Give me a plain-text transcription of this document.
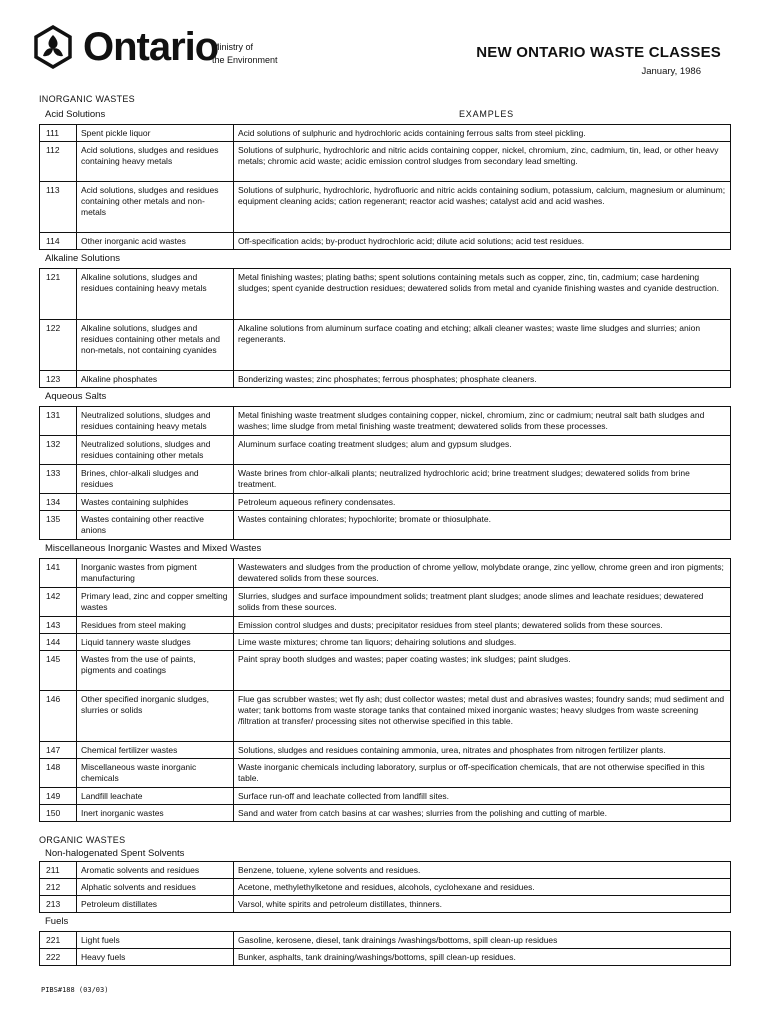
Ontario
Ministry of
the Environment	NEW ONTARIO WASTE CLASSES
January, 1986
INORGANIC WASTES
Acid Solutions	EXAMPLES
111	Spent pickle liquor	Acid solutions of sulphuric and hydrochloric acids containing ferrous salts from steel pickling.
112	Acid solutions, sludges and residues containing heavy metals	Solutions of sulphuric, hydrochloric and nitric acids containing copper, nickel, chromium, zinc, cadmium, tin, lead, or other heavy metals; chromic acid waste; acidic emission control sludges from secondary lead smelting.
113	Acid solutions, sludges and residues containing other metals and non-metals	Solutions of sulphuric, hydrochloric, hydrofluoric and nitric acids containing sodium, potassium, calcium, magnesium or aluminum; equipment cleaning acids; cation regenerant; reactor acid washes; catalyst acid and acid washes.
114	Other inorganic acid wastes	Off-specification acids; by-product hydrochloric acid; dilute acid solutions; acid test residues.
Alkaline Solutions
121	Alkaline solutions, sludges and residues containing heavy metals	Metal finishing wastes; plating baths; spent solutions containing metals such as copper, zinc, tin, cadmium; case hardening sludges; spent cyanide destruction residues; dewatered solids from metal and cyanide finishing wastes and cyanide destruction.
122	Alkaline solutions, sludges and residues containing other metals and non-metals, not containing cyanides	Alkaline solutions from aluminum surface coating and etching; alkali cleaner wastes; waste lime sludges and slurries; anion regenerants.
123	Alkaline phosphates	Bonderizing wastes; zinc phosphates; ferrous phosphates; phosphate cleaners.
Aqueous Salts
131	Neutralized solutions, sludges and residues containing heavy metals	Metal finishing waste treatment sludges containing copper, nickel, chromium, zinc or cadmium; neutral salt bath sludges and washes; lime sludge from metal finishing waste treatment; dewatered solids from these processes.
132	Neutralized solutions, sludges and residues containing other metals	Aluminum surface coating treatment sludges; alum and gypsum sludges.
133	Brines, chlor-alkali sludges and residues	Waste brines from chlor-alkali plants; neutralized hydrochloric acid; brine treatment sludges; dewatered solids from brine treatment.
134	Wastes containing sulphides	Petroleum aqueous refinery condensates.
135	Wastes containing other reactive anions	Wastes containing chlorates; hypochlorite; bromate or thiosulphate.
Miscellaneous Inorganic Wastes and Mixed Wastes
141	Inorganic wastes from pigment manufacturing	Wastewaters and sludges from the production of chrome yellow, molybdate orange, zinc yellow, chrome green and iron pigments; dewatered solids from these sources.
142	Primary lead, zinc and copper smelting wastes	Slurries, sludges and surface impoundment solids; treatment plant sludges; anode slimes and leachate residues; dewatered solids from these sources.
143	Residues from steel making	Emission control sludges and dusts; precipitator residues from steel plants; dewatered solids from these sources.
144	Liquid tannery waste sludges	Lime waste mixtures; chrome tan liquors; dehairing solutions and sludges.
145	Wastes from the use of paints, pigments and coatings	Paint spray booth sludges and wastes; paper coating wastes; ink sludges; paint sludges.
146	Other specified inorganic sludges, slurries or solids	Flue gas scrubber wastes; wet fly ash; dust collector wastes; metal dust and abrasives wastes; foundry sands; mud sediment and water; tank bottoms from waste storage tanks that contained mixed inorganic wastes; heavy sludges from waste screening /filtration at transfer/ processing sites not otherwise specified in this table.
147	Chemical fertilizer wastes	Solutions, sludges and residues containing ammonia, urea, nitrates and phosphates from nitrogen fertilizer plants.
148	Miscellaneous waste inorganic chemicals	Waste inorganic chemicals including laboratory, surplus or off-specification chemicals, that are not otherwise specified in this table.
149	Landfill leachate	Surface run-off and leachate collected from landfill sites.
150	Inert inorganic wastes	Sand and water from catch basins at car washes; slurries from the polishing and cutting of marble.
ORGANIC WASTES
Non-halogenated Spent Solvents
211	Aromatic solvents and residues	Benzene, toluene, xylene solvents and residues.
212	Alphatic solvents and residues	Acetone, methylethylketone and residues, alcohols, cyclohexane and residues.
213	Petroleum distillates	Varsol, white spirits and petroleum distillates, thinners.
Fuels
221	Light fuels	Gasoline, kerosene, diesel, tank drainings /washings/bottoms, spill clean-up residues
222	Heavy fuels	Bunker, asphalts, tank draining/washings/bottoms, spill clean-up residues.
PIBS#188 (03/03)
